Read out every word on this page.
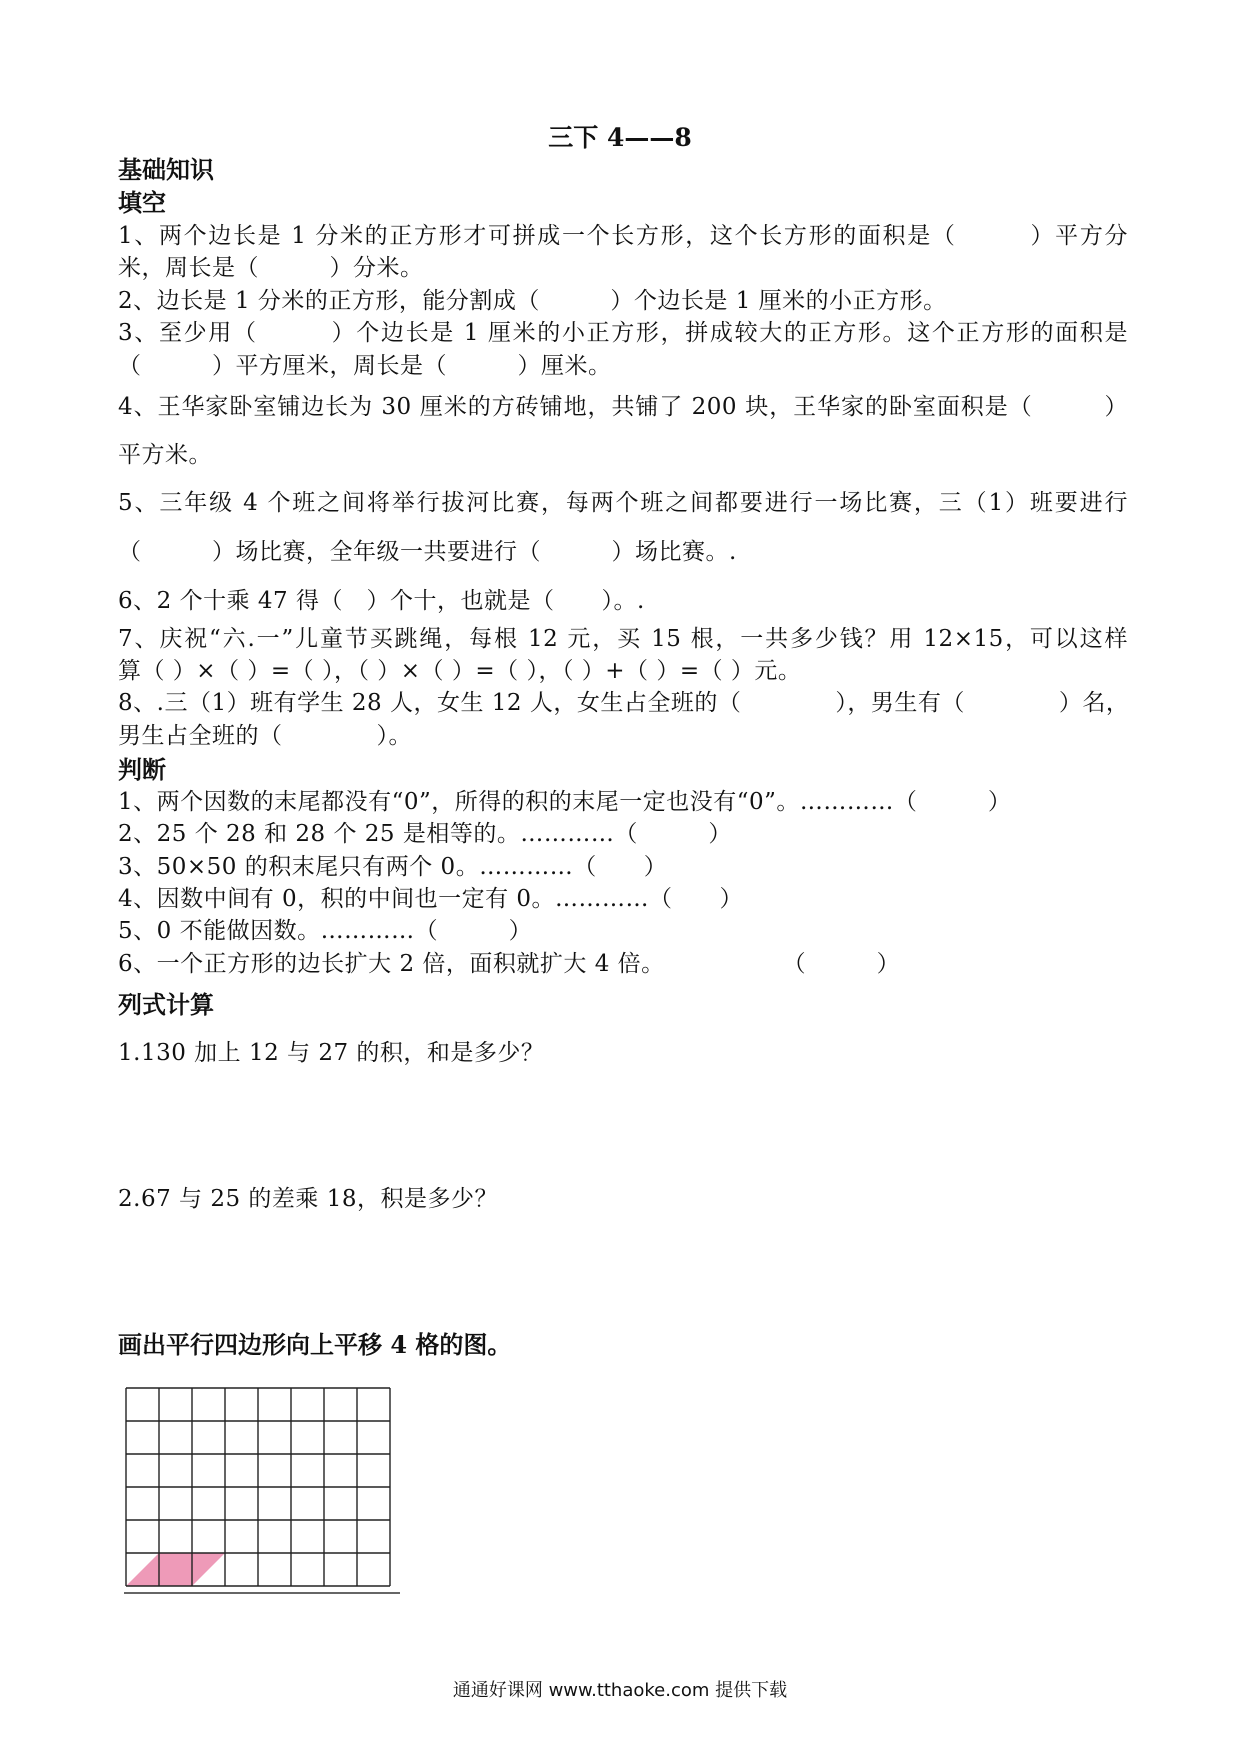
三下 4——8
基础知识
填空
1、两个边长是 1 分米的正方形才可拼成一个长方形，这个长方形的面积是（　　　）平方分
米，周长是（　　　）分米。
2、边长是 1 分米的正方形，能分割成（　　　）个边长是 1 厘米的小正方形。
3、至少用（　　　）个边长是 1 厘米的小正方形，拼成较大的正方形。这个正方形的面积是
（　　　）平方厘米，周长是（　　　）厘米。
4、王华家卧室铺边长为 30 厘米的方砖铺地，共铺了 200 块，王华家的卧室面积是（　　　）
平方米。
5、三年级 4 个班之间将举行拔河比赛，每两个班之间都要进行一场比赛，三（1）班要进行
（　　　）场比赛，全年级一共要进行（　　　）场比赛。.
6、2 个十乘 47 得（　）个十，也就是（　　）。.
7、庆祝“六.一”儿童节买跳绳，每根 12 元，买 15 根，一共多少钱？用 12×15，可以这样
算（ ）×（ ）=（ ），（ ）×（ ）=（ ），（ ）+（ ）=（ ）元。
8、.三（1）班有学生 28 人，女生 12 人，女生占全班的（　　　　），男生有（　　　　）名，
男生占全班的（　　　　）。
判断
1、两个因数的末尾都没有“0”，所得的积的末尾一定也没有“0”。…………（　　　）
2、25 个 28 和 28 个 25 是相等的。…………（　　　）
3、50×50 的积末尾只有两个 0。…………（　　）
4、因数中间有 0，积的中间也一定有 0。…………（　　）
5、0 不能做因数。…………（　　　）
6、一个正方形的边长扩大 2 倍，面积就扩大 4 倍。　　　　　　（　　　）
列式计算
1.130 加上 12 与 27 的积，和是多少？
2.67 与 25 的差乘 18，积是多少？
画出平行四边形向上平移 4 格的图。
通通好课网 www.tthaoke.com 提供下载
